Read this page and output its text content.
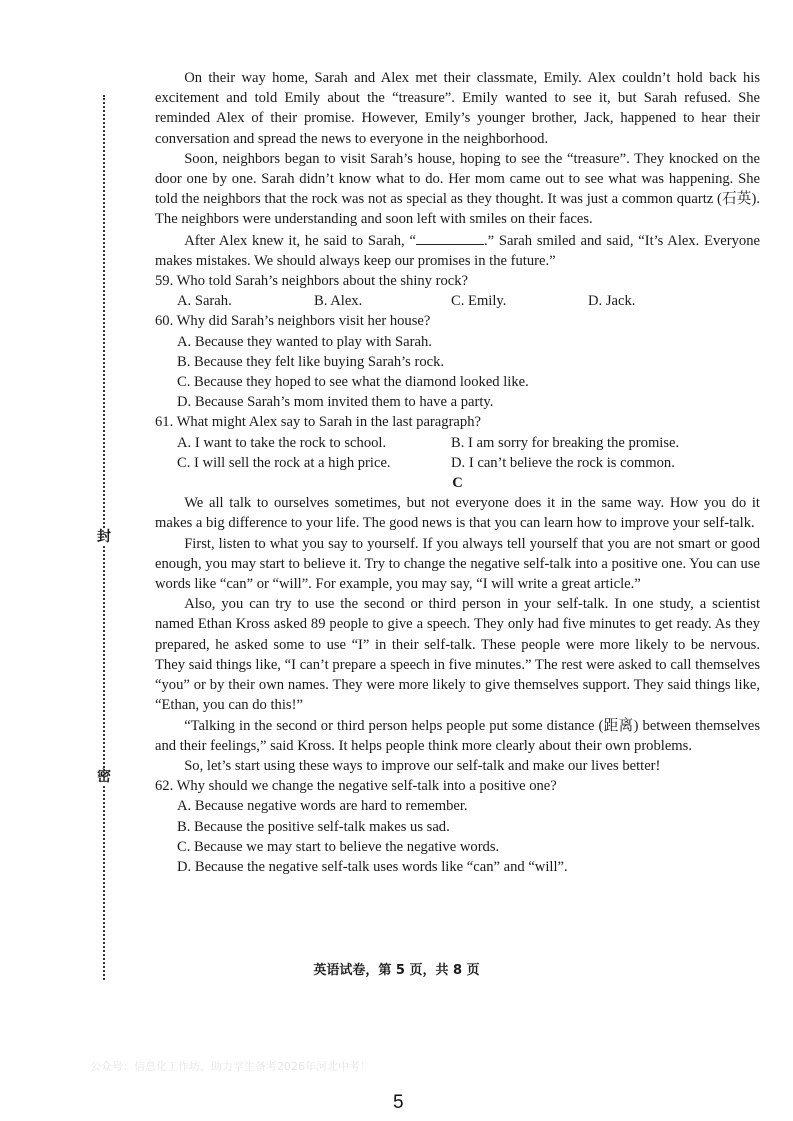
封
密

On their way home, Sarah and Alex met their classmate, Emily. Alex couldn’t hold back his excitement and told Emily about the “treasure”. Emily wanted to see it, but Sarah refused. She reminded Alex of their promise. However, Emily’s younger brother, Jack, happened to hear their conversation and spread the news to everyone in the neighborhood.

Soon, neighbors began to visit Sarah’s house, hoping to see the “treasure”. They knocked on the door one by one. Sarah didn’t know what to do. Her mom came out to see what was happening. She told the neighbors that the rock was not as special as they thought. It was just a common quartz (石英). The neighbors were understanding and soon left with smiles on their faces.

After Alex knew it, he said to Sarah, “	.” Sarah smiled and said, “It’s Alex. Everyone makes mistakes. We should always keep our promises in the future.”

59. Who told Sarah’s neighbors about the shiny rock?

A. Sarah.	B. Alex.	C. Emily.	D. Jack.

60. Why did Sarah’s neighbors visit her house?

A. Because they wanted to play with Sarah.

B. Because they felt like buying Sarah’s rock.

C. Because they hoped to see what the diamond looked like.

D. Because Sarah’s mom invited them to have a party.

61. What might Alex say to Sarah in the last paragraph?

A. I want to take the rock to school.	B. I am sorry for breaking the promise.
C. I will sell the rock at a high price.	D. I can’t believe the rock is common.

C

We all talk to ourselves sometimes, but not everyone does it in the same way. How you do it makes a big difference to your life. The good news is that you can learn how to improve your self-talk.

First, listen to what you say to yourself. If you always tell yourself that you are not smart or good enough, you may start to believe it. Try to change the negative self-talk into a positive one. You can use words like “can” or “will”. For example, you may say, “I will write a great article.”

Also, you can try to use the second or third person in your self-talk. In one study, a scientist named Ethan Kross asked 89 people to give a speech. They only had five minutes to get ready. As they prepared, he asked some to use “I” in their self-talk. These people were more likely to be nervous. They said things like, “I can’t prepare a speech in five minutes.” The rest were asked to call themselves “you” or by their own names. They were more likely to give themselves support. They said things like, “Ethan, you can do this!”

“Talking in the second or third person helps people put some distance (距离) between themselves and their feelings,” said Kross. It helps people think more clearly about their own problems.

So, let’s start using these ways to improve our self-talk and make our lives better!

62. Why should we change the negative self-talk into a positive one?

A. Because negative words are hard to remember.

B. Because the positive self-talk makes us sad.

C. Because we may start to believe the negative words.

D. Because the negative self-talk uses words like “can” and “will”.

英语试卷，第 5 页，共 8 页
公众号：信息化工作坊，助力学生备考2026年河北中考！
5
